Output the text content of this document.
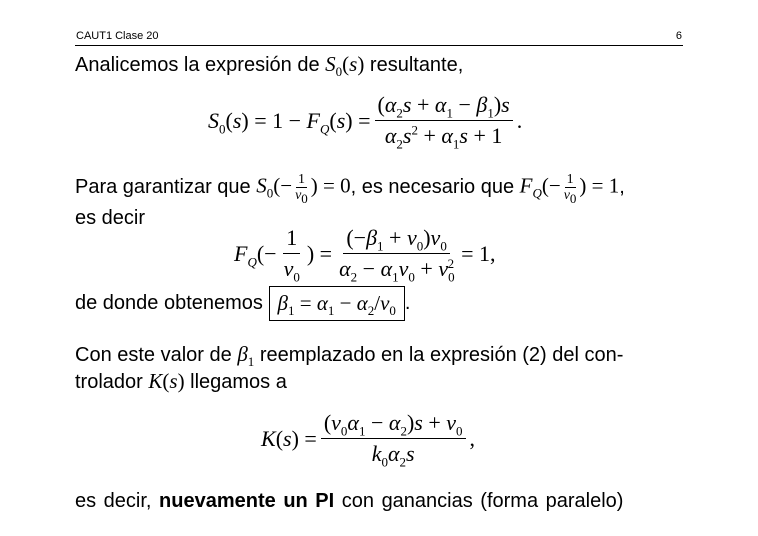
CAUT1 Clase 20	6
Analicemos la expresión de $S_0(s)$ resultante,
$S_0(s) = 1 - F_Q(s) = \frac{(\alpha_2s + \alpha_1 - \beta_1)s}{\alpha_2s^2 + \alpha_1s + 1}$ .
Para garantizar que
$S_0(- \frac{1}{\nu_0}$ ) = 0 , es necesario que
$F_Q(- \frac{1}{\nu_0}$ ) = 1 ,
es decir
$F_Q(- \frac{1}{\nu_0}$ ) = $\frac{(-\beta_1 + \nu_0)\nu_0}{\alpha_2 - \alpha_1\nu_0 + \nu_0^2} = 1$,
de donde obtenemos
$\beta_1 = \alpha_1 - \alpha_2/\nu_0$ .
Con este valor de $\beta_1$ reemplazado en la expresión (2) del con-
trolador K(s) llegamos a
$K(s) = \frac{(\nu_0\alpha_1 - \alpha_2)s + \nu_0}{k_0\alpha_2s}$ ,
es decir, nuevamente un PI con ganancias (forma paralelo)
